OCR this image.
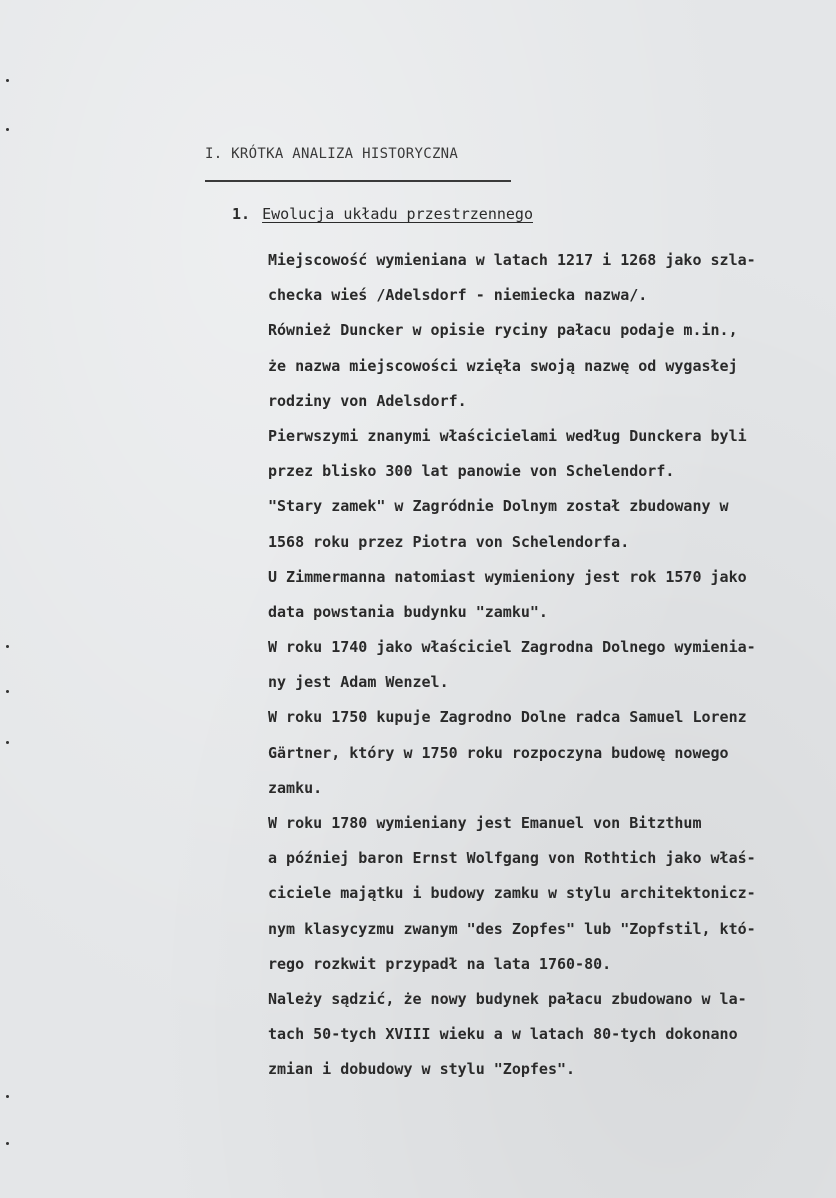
I. KRÓTKA ANALIZA HISTORYCZNA
1. Ewolucja układu przestrzennego
Miejscowość wymieniana w latach 1217 i 1268 jako szla-
checka wieś /Adelsdorf - niemiecka nazwa/.
Również Duncker w opisie ryciny pałacu podaje m.in.,
że nazwa miejscowości wzięła swoją nazwę od wygasłej
rodziny von Adelsdorf.
Pierwszymi znanymi właścicielami według Dunckera byli
przez blisko 300 lat panowie von Schelendorf.
"Stary zamek" w Zagródnie Dolnym został zbudowany w
1568 roku przez Piotra von Schelendorfa.
U Zimmermanna natomiast wymieniony jest rok 1570 jako
data powstania budynku "zamku".
W roku 1740 jako właściciel Zagrodna Dolnego wymienia-
ny jest Adam Wenzel.
W roku 1750 kupuje Zagrodno Dolne radca Samuel Lorenz
Gärtner, który w 1750 roku rozpoczyna budowę nowego
zamku.
W roku 1780 wymieniany jest Emanuel von Bitzthum
a później baron Ernst Wolfgang von Rothtich jako właś-
ciciele majątku i budowy zamku w stylu architektonicz-
nym klasycyzmu zwanym "des Zopfes" lub "Zopfstil, któ-
rego rozkwit przypadł na lata 1760-80.
Należy sądzić, że nowy budynek pałacu zbudowano w la-
tach 50-tych XVIII wieku a w latach 80-tych dokonano
zmian i dobudowy w stylu "Zopfes".
